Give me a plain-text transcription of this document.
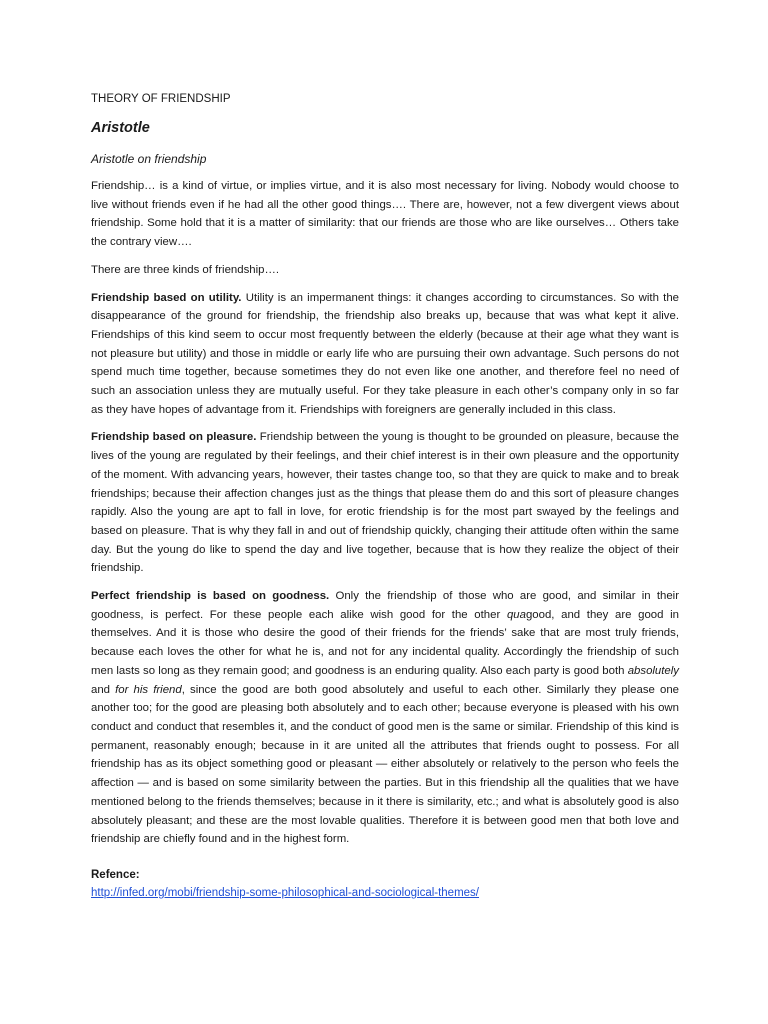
THEORY OF FRIENDSHIP
Aristotle
Aristotle on friendship

Friendship… is a kind of virtue, or implies virtue, and it is also most necessary for living. Nobody would choose to live without friends even if he had all the other good things…. There are, however, not a few divergent views about friendship. Some hold that it is a matter of similarity: that our friends are those who are like ourselves… Others take the contrary view….

There are three kinds of friendship….

Friendship based on utility. Utility is an impermanent things: it changes according to circumstances. So with the disappearance of the ground for friendship, the friendship also breaks up, because that was what kept it alive. Friendships of this kind seem to occur most frequently between the elderly (because at their age what they want is not pleasure but utility) and those in middle or early life who are pursuing their own advantage. Such persons do not spend much time together, because sometimes they do not even like one another, and therefore feel no need of such an association unless they are mutually useful. For they take pleasure in each other’s company only in so far as they have hopes of advantage from it. Friendships with foreigners are generally included in this class.

Friendship based on pleasure. Friendship between the young is thought to be grounded on pleasure, because the lives of the young are regulated by their feelings, and their chief interest is in their own pleasure and the opportunity of the moment. With advancing years, however, their tastes change too, so that they are quick to make and to break friendships; because their affection changes just as the things that please them do and this sort of pleasure changes rapidly. Also the young are apt to fall in love, for erotic friendship is for the most part swayed by the feelings and based on pleasure. That is why they fall in and out of friendship quickly, changing their attitude often within the same day. But the young do like to spend the day and live together, because that is how they realize the object of their friendship.

Perfect friendship is based on goodness. Only the friendship of those who are good, and similar in their goodness, is perfect. For these people each alike wish good for the other quagood, and they are good in themselves. And it is those who desire the good of their friends for the friends’ sake that are most truly friends, because each loves the other for what he is, and not for any incidental quality. Accordingly the friendship of such men lasts so long as they remain good; and goodness is an enduring quality. Also each party is good both absolutely and for his friend, since the good are both good absolutely and useful to each other. Similarly they please one another too; for the good are pleasing both absolutely and to each other; because everyone is pleased with his own conduct and conduct that resembles it, and the conduct of good men is the same or similar. Friendship of this kind is permanent, reasonably enough; because in it are united all the attributes that friends ought to possess. For all friendship has as its object something good or pleasant — either absolutely or relatively to the person who feels the affection — and is based on some similarity between the parties. But in this friendship all the qualities that we have mentioned belong to the friends themselves; because in it there is similarity, etc.; and what is absolutely good is also absolutely pleasant; and these are the most lovable qualities. Therefore it is between good men that both love and friendship are chiefly found and in the highest form.

Refence:
http://infed.org/mobi/friendship-some-philosophical-and-sociological-themes/
